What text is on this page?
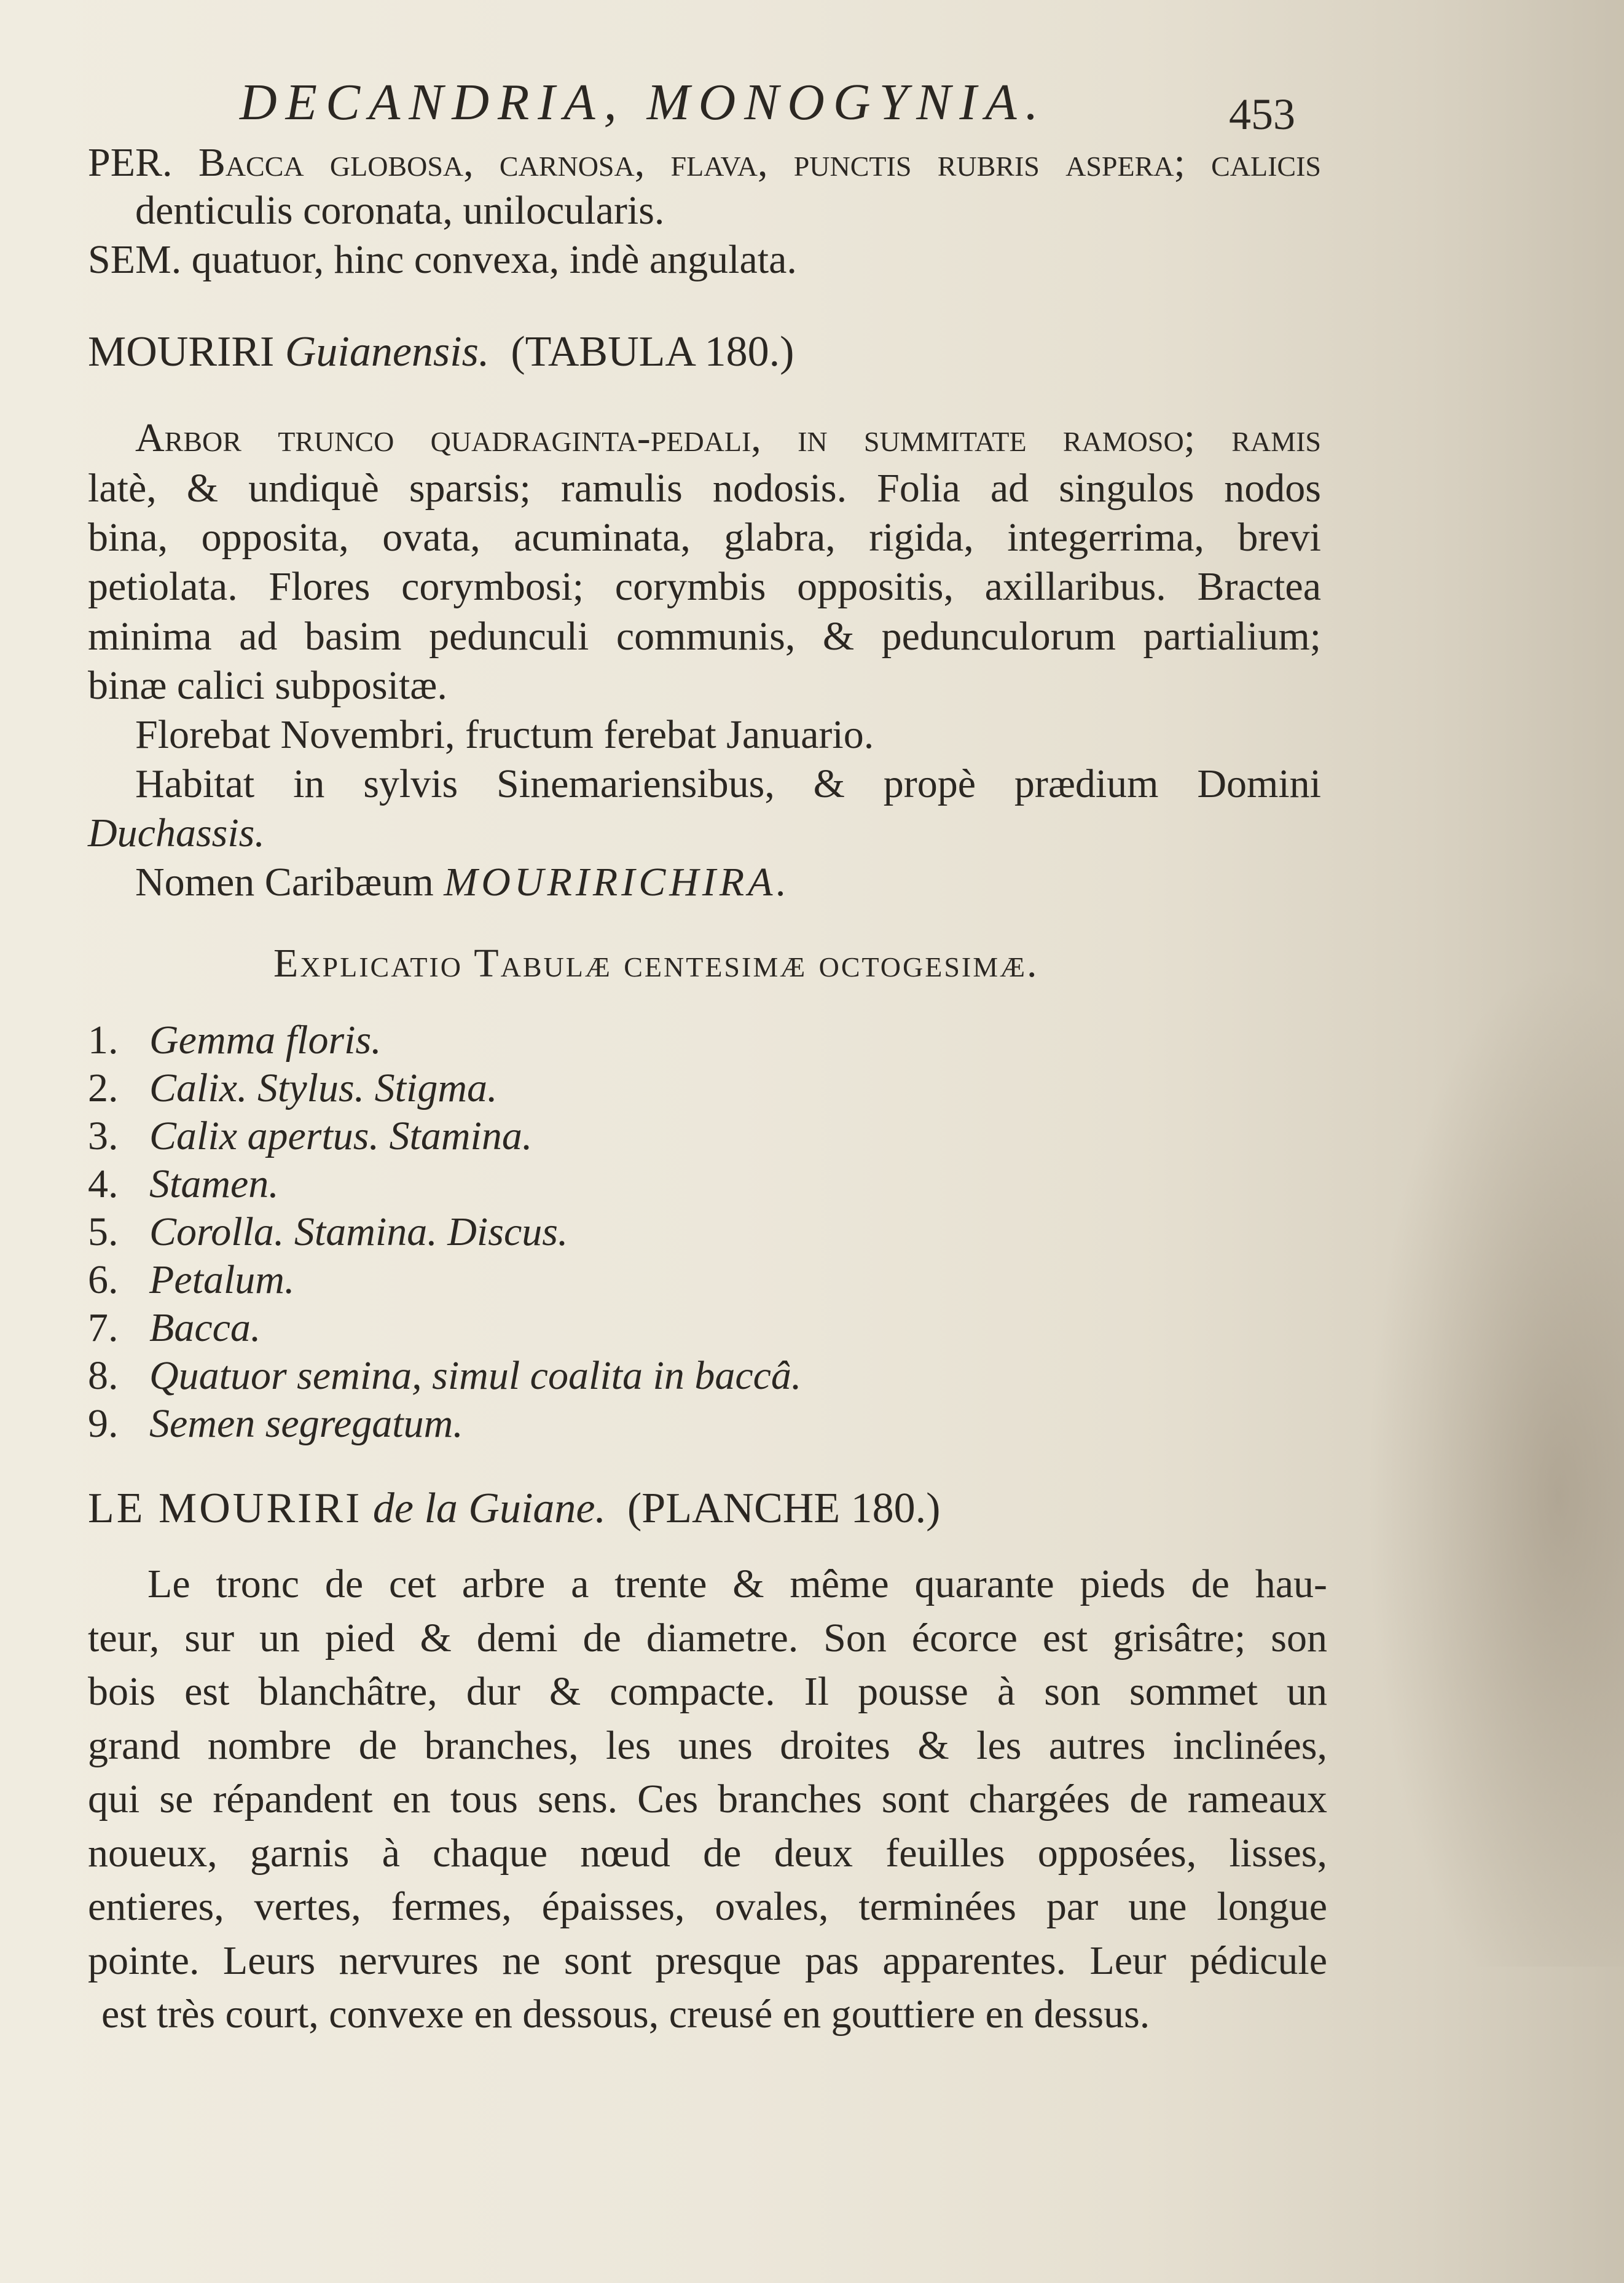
DECANDRIA, MONOGYNIA.	453
PER. Bacca globosa, carnosa, flava, punctis rubris aspera; calicis
denticulis coronata, unilocularis.
SEM. quatuor, hinc convexa, indè angulata.
MOURIRI Guianensis. (TABULA 180.)
Arbor trunco quadraginta-pedali, in summitate ramoso; ramis
latè, & undiquè sparsis; ramulis nodosis. Folia ad singulos nodos
bina, opposita, ovata, acuminata, glabra, rigida, integerrima, brevi
petiolata. Flores corymbosi; corymbis oppositis, axillaribus. Bractea
minima ad basim pedunculi communis, & pedunculorum partialium;
binæ calici subpositæ.
Florebat Novembri, fructum ferebat Januario.
Habitat in sylvis Sinemariensibus, & propè prædium Domini
Duchassis.
Nomen Caribæum MOURIRICHIRA.
Explicatio Tabulæ centesimæ octogesimæ.
1. Gemma floris.
2. Calix. Stylus. Stigma.
3. Calix apertus. Stamina.
4. Stamen.
5. Corolla. Stamina. Discus.
6. Petalum.
7. Bacca.
8. Quatuor semina, simul coalita in baccâ.
9. Semen segregatum.
LE MOURIRI de la Guiane. (PLANCHE 180.)
Le tronc de cet arbre a trente & même quarante pieds de hau-
teur, sur un pied & demi de diametre. Son écorce est grisâtre; son
bois est blanchâtre, dur & compacte. Il pousse à son sommet un
grand nombre de branches, les unes droites & les autres inclinées,
qui se répandent en tous sens. Ces branches sont chargées de rameaux
noueux, garnis à chaque nœud de deux feuilles opposées, lisses,
entieres, vertes, fermes, épaisses, ovales, terminées par une longue
pointe. Leurs nervures ne sont presque pas apparentes. Leur pédicule
est très court, convexe en dessous, creusé en gouttiere en dessus.
